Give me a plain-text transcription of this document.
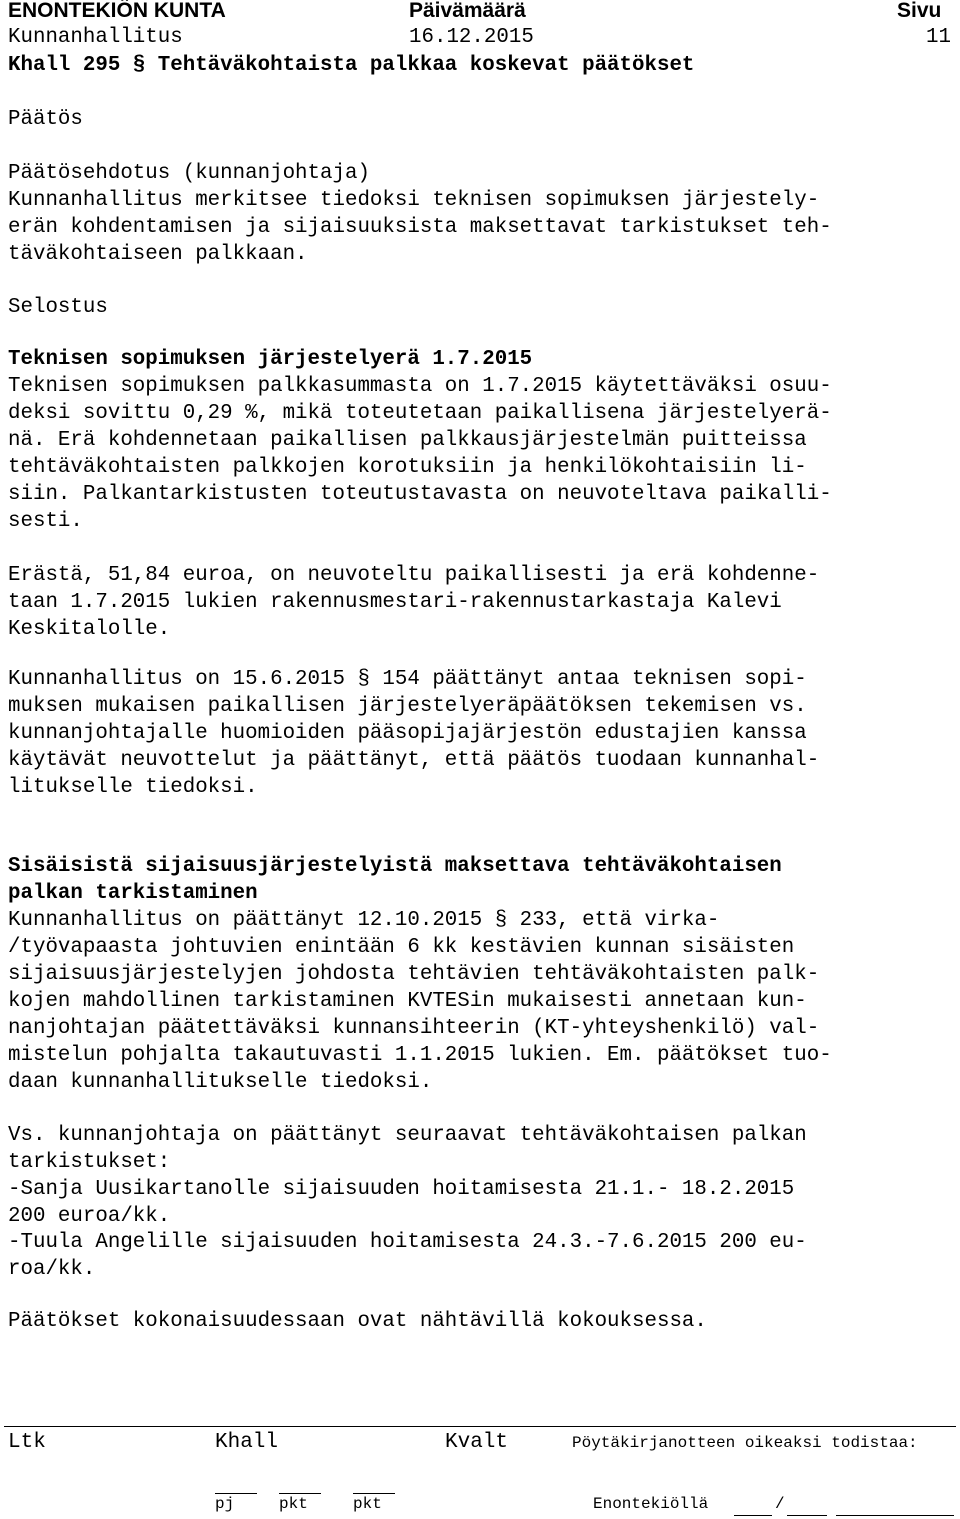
ENONTEKIÖN KUNTA	Päivämäärä	Sivu
Kunnanhallitus	16.12.2015	11
Khall 295 § Tehtäväkohtaista palkkaa koskevat päätökset
Päätös
Päätösehdotus (kunnanjohtaja)
Kunnanhallitus merkitsee tiedoksi teknisen sopimuksen järjestely-
erän kohdentamisen ja sijaisuuksista maksettavat tarkistukset teh-
täväkohtaiseen palkkaan.
Selostus
Teknisen sopimuksen järjestelyerä 1.7.2015
Teknisen sopimuksen palkkasummasta on 1.7.2015 käytettäväksi osuu-
deksi sovittu 0,29 %, mikä toteutetaan paikallisena järjestelyerä-
nä. Erä kohdennetaan paikallisen palkkausjärjestelmän puitteissa
tehtäväkohtaisten palkkojen korotuksiin ja henkilökohtaisiin li-
siin. Palkantarkistusten toteutustavasta on neuvoteltava paikalli-
sesti.
Erästä, 51,84 euroa, on neuvoteltu paikallisesti ja erä kohdenne-
taan 1.7.2015 lukien rakennusmestari-rakennustarkastaja Kalevi
Keskitalolle.
Kunnanhallitus on 15.6.2015 § 154 päättänyt antaa teknisen sopi-
muksen mukaisen paikallisen järjestelyeräpäätöksen tekemisen vs.
kunnanjohtajalle huomioiden pääsopijajärjestön edustajien kanssa
käytävät neuvottelut ja päättänyt, että päätös tuodaan kunnanhal-
litukselle tiedoksi.
Sisäisistä sijaisuusjärjestelyistä maksettava tehtäväkohtaisen
palkan tarkistaminen
Kunnanhallitus on päättänyt 12.10.2015 § 233, että virka-
/työvapaasta johtuvien enintään 6 kk kestävien kunnan sisäisten
sijaisuusjärjestelyjen johdosta tehtävien tehtäväkohtaisten palk-
kojen mahdollinen tarkistaminen KVTESin mukaisesti annetaan kun-
nanjohtajan päätettäväksi kunnansihteerin (KT-yhteyshenkilö) val-
mistelun pohjalta takautuvasti 1.1.2015 lukien. Em. päätökset tuo-
daan kunnanhallitukselle tiedoksi.
Vs. kunnanjohtaja on päättänyt seuraavat tehtäväkohtaisen palkan
tarkistukset:
-Sanja Uusikartanolle sijaisuuden hoitamisesta 21.1.- 18.2.2015
200 euroa/kk.
-Tuula Angelille sijaisuuden hoitamisesta 24.3.-7.6.2015 200 eu-
roa/kk.
Päätökset kokonaisuudessaan ovat nähtävillä kokouksessa.
Ltk	Khall	Kvalt	Pöytäkirjanotteen oikeaksi todistaa:
pj	pkt	pkt	Enontekiöllä	/
